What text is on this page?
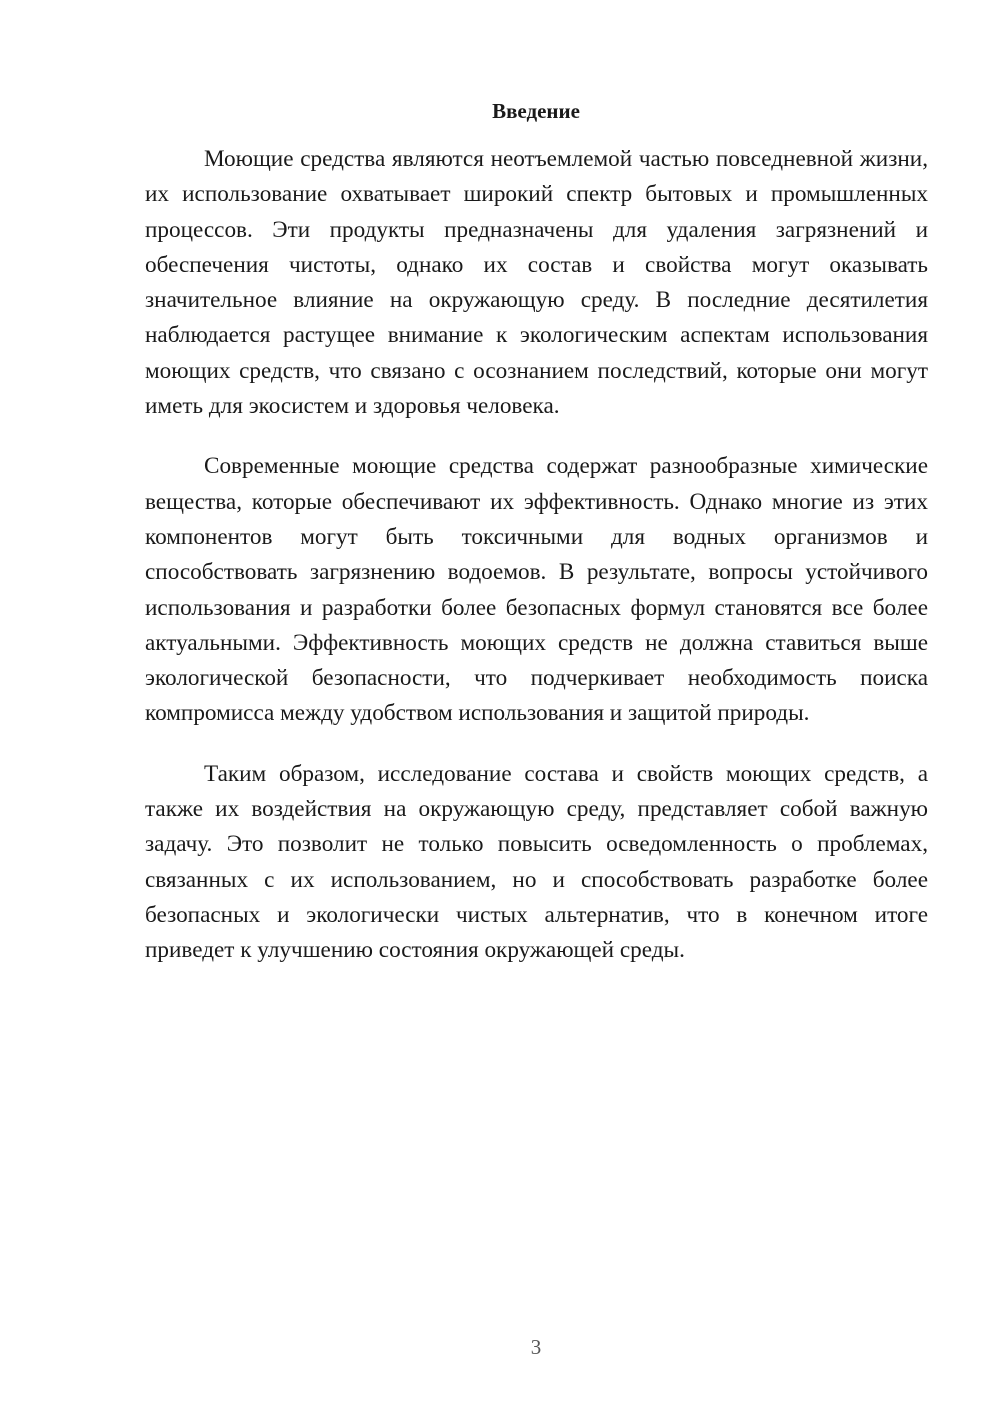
Введение

Моющие средства являются неотъемлемой частью повседневной жизни, их использование охватывает широкий спектр бытовых и промышленных процессов. Эти продукты предназначены для удаления загрязнений и обеспечения чистоты, однако их состав и свойства могут оказывать значительное влияние на окружающую среду. В последние десятилетия наблюдается растущее внимание к экологическим аспектам использования моющих средств, что связано с осознанием последствий, которые они могут иметь для экосистем и здоровья человека.

Современные моющие средства содержат разнообразные химические вещества, которые обеспечивают их эффективность. Однако многие из этих компонентов могут быть токсичными для водных организмов и способствовать загрязнению водоемов. В результате, вопросы устойчивого использования и разработки более безопасных формул становятся все более актуальными. Эффективность моющих средств не должна ставиться выше экологической безопасности, что подчеркивает необходимость поиска компромисса между удобством использования и защитой природы.

Таким образом, исследование состава и свойств моющих средств, а также их воздействия на окружающую среду, представляет собой важную задачу. Это позволит не только повысить осведомленность о проблемах, связанных с их использованием, но и способствовать разработке более безопасных и экологически чистых альтернатив, что в конечном итоге приведет к улучшению состояния окружающей среды.

3
